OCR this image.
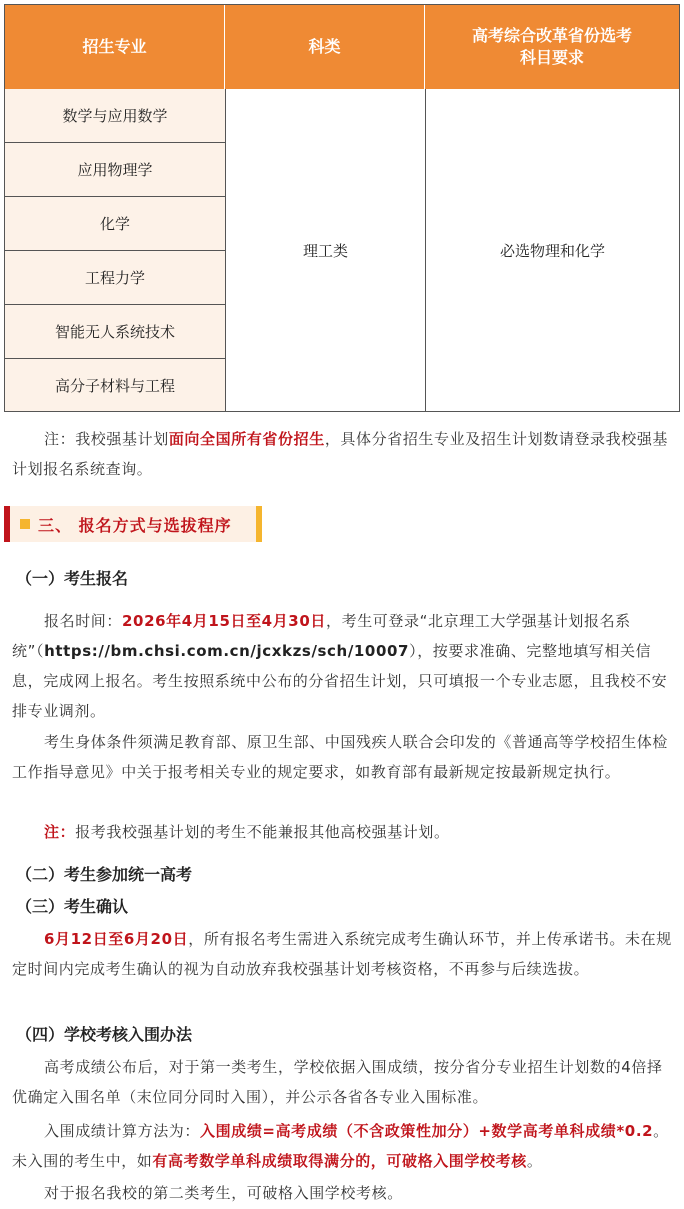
招生专业	科类
高考综合改革省份选考科目要求
数学与应用数学
应用物理学
化学
工程力学
智能无人系统技术
高分子材料与工程
理工类	必选物理和化学
注：我校强基计划面向全国所有省份招生，具体分省招生专业及招生计划数请登录我校强基计划报名系统查询。
三、 报名方式与选拔程序
（一）考生报名
报名时间：2026年4月15日至4月30日，考生可登录“北京理工大学强基计划报名系统”（https://bm.chsi.com.cn/jcxkzs/sch/10007），按要求准确、完整地填写相关信息，完成网上报名。考生按照系统中公布的分省招生计划，只可填报一个专业志愿，且我校不安排专业调剂。
考生身体条件须满足教育部、原卫生部、中国残疾人联合会印发的《普通高等学校招生体检工作指导意见》中关于报考相关专业的规定要求，如教育部有最新规定按最新规定执行。
注：报考我校强基计划的考生不能兼报其他高校强基计划。
（二）考生参加统一高考
（三）考生确认
6月12日至6月20日，所有报名考生需进入系统完成考生确认环节，并上传承诺书。未在规定时间内完成考生确认的视为自动放弃我校强基计划考核资格，不再参与后续选拔。
（四）学校考核入围办法
高考成绩公布后，对于第一类考生，学校依据入围成绩，按分省分专业招生计划数的4倍择优确定入围名单（末位同分同时入围），并公示各省各专业入围标准。
入围成绩计算方法为：入围成绩=高考成绩（不含政策性加分）+数学高考单科成绩*0.2。未入围的考生中，如有高考数学单科成绩取得满分的，可破格入围学校考核。
对于报名我校的第二类考生，可破格入围学校考核。
